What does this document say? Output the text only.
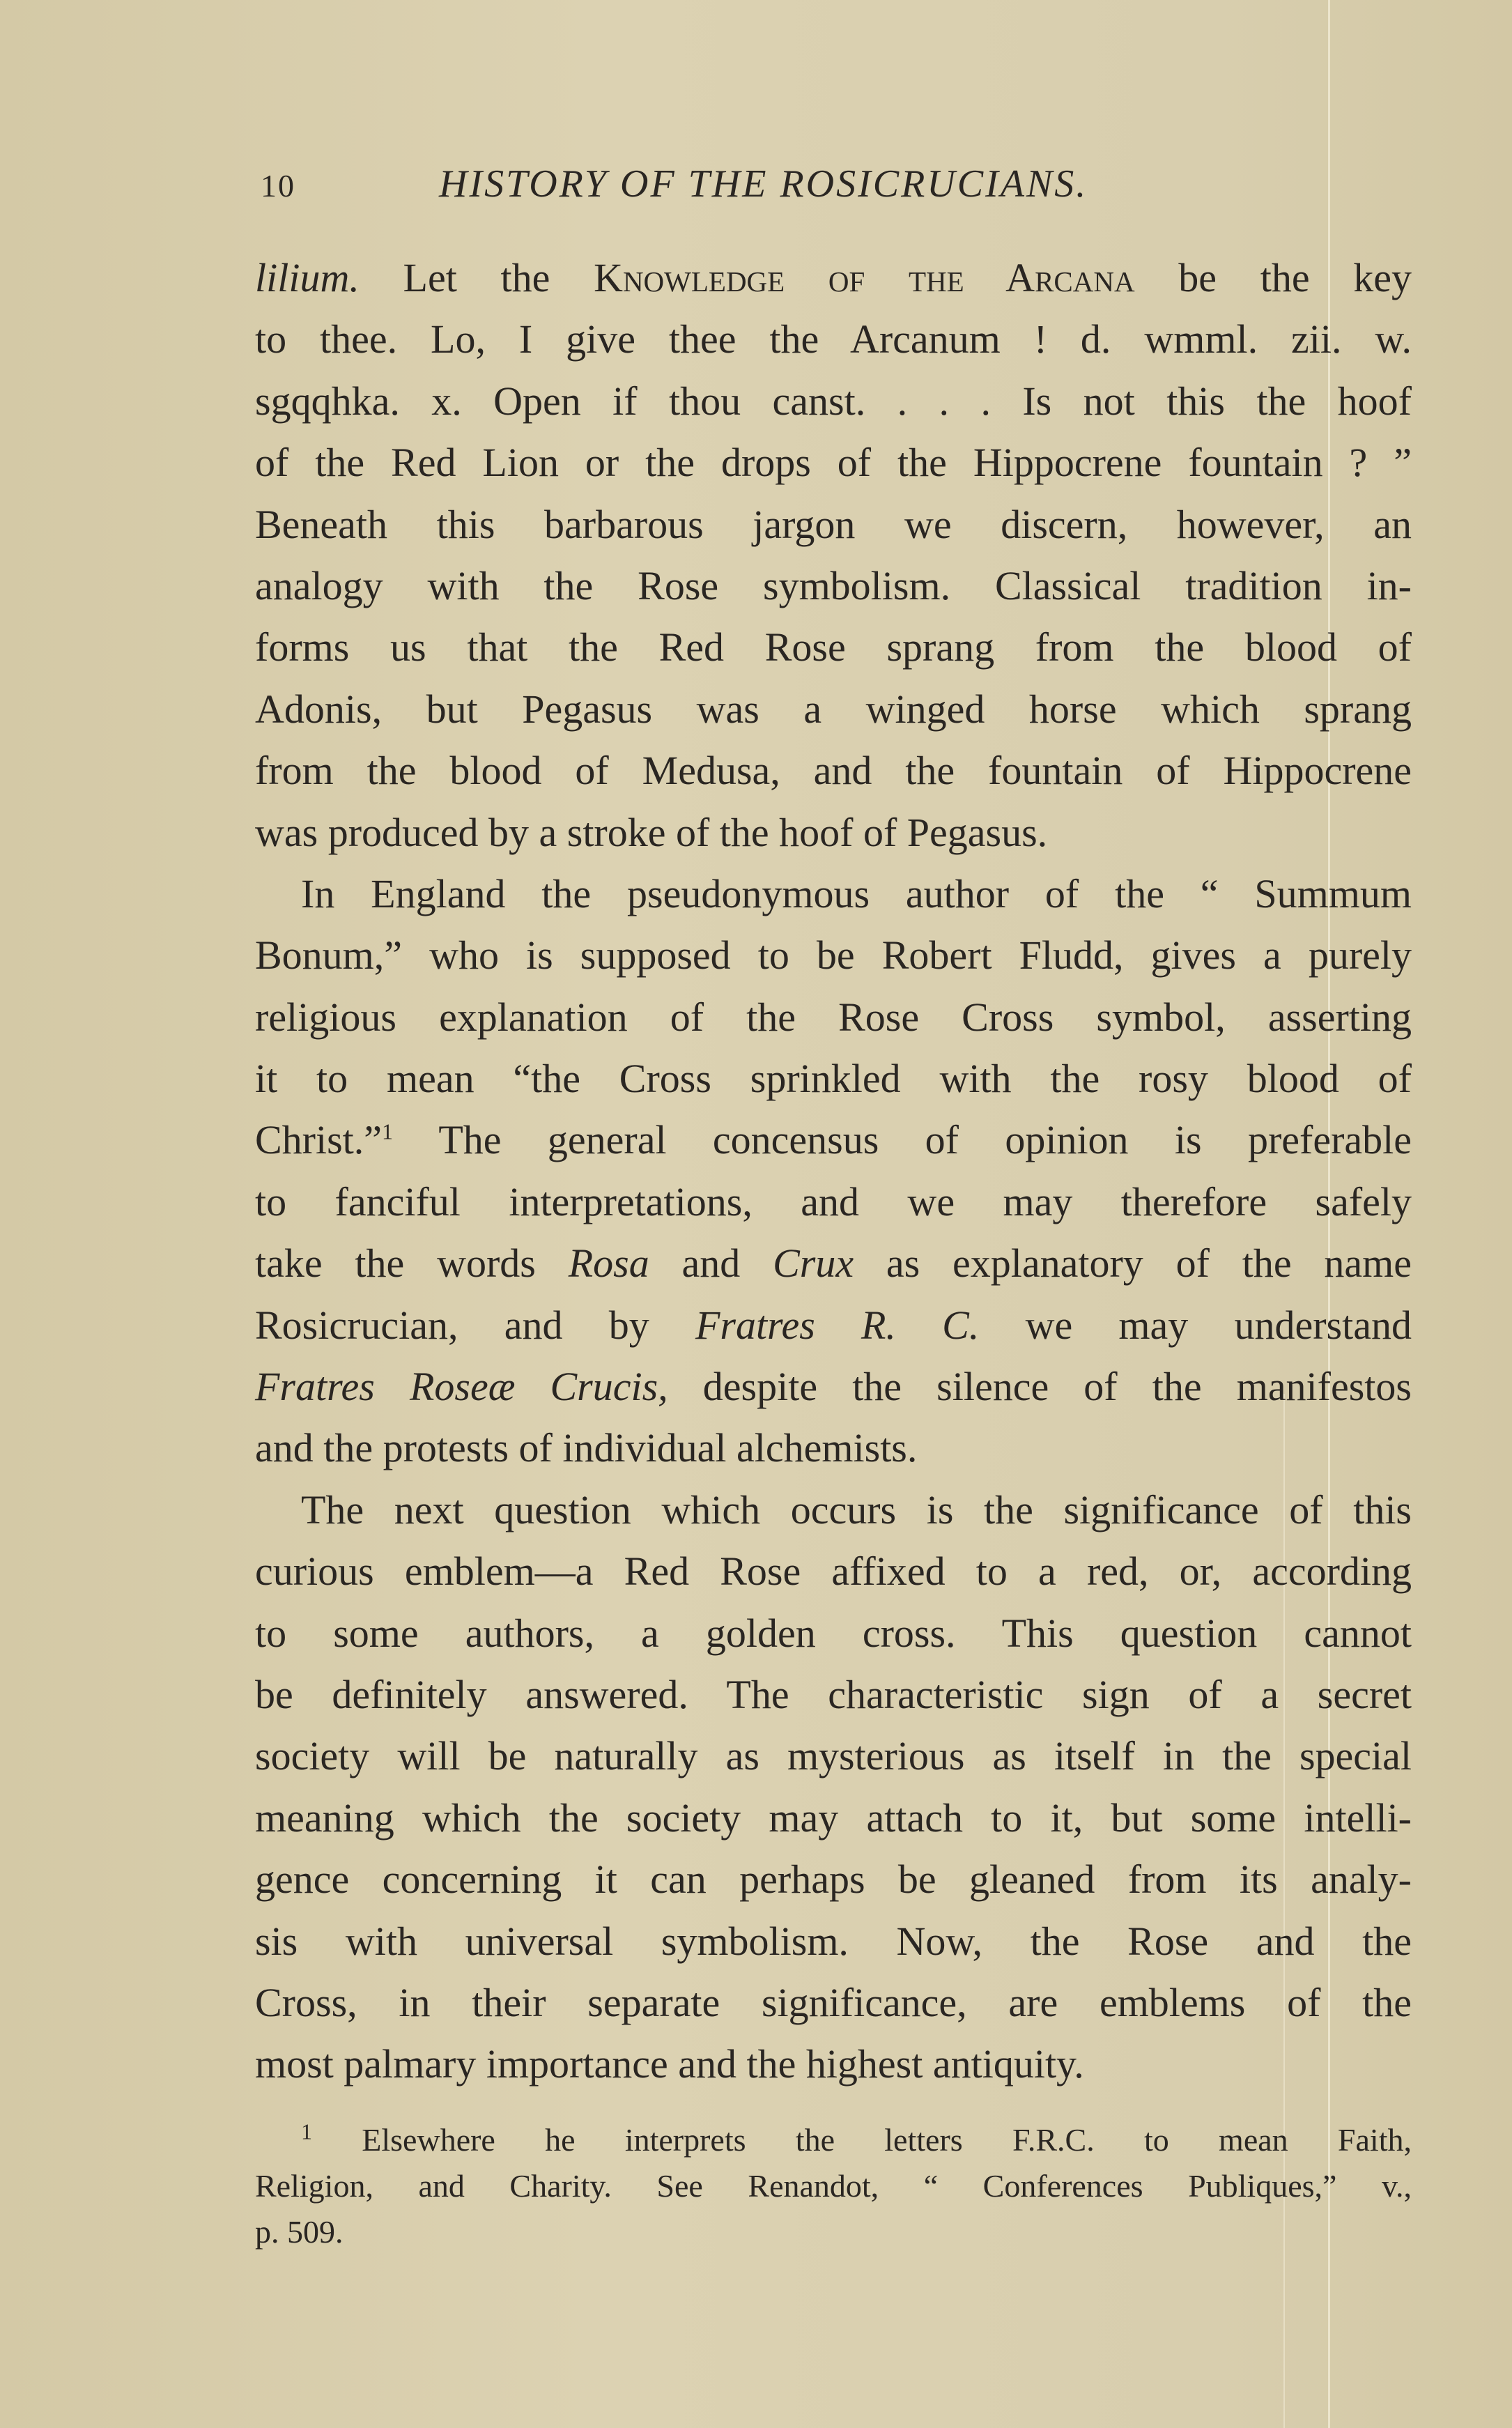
10	HISTORY OF THE ROSICRUCIANS.
lilium. Let the Knowledge of the Arcana be the key
to thee. Lo, I give thee the Arcanum ! d. wmml. zii. w.
sgqqhka. x. Open if thou canst. . . . Is not this the hoof
of the Red Lion or the drops of the Hippocrene fountain ? ”
Beneath this barbarous jargon we discern, however, an
analogy with the Rose symbolism. Classical tradition in-
forms us that the Red Rose sprang from the blood of
Adonis, but Pegasus was a winged horse which sprang
from the blood of Medusa, and the fountain of Hippocrene
was produced by a stroke of the hoof of Pegasus.
In England the pseudonymous author of the “ Summum
Bonum,” who is supposed to be Robert Fludd, gives a purely
religious explanation of the Rose Cross symbol, asserting
it to mean “the Cross sprinkled with the rosy blood of
Christ.”$^1$ The general concensus of opinion is preferable
to fanciful interpretations, and we may therefore safely
take the words Rosa and Crux as explanatory of the name
Rosicrucian, and by Fratres R. C. we may understand
Fratres Roseæ Crucis, despite the silence of the manifestos
and the protests of individual alchemists.
The next question which occurs is the significance of this
curious emblem—a Red Rose affixed to a red, or, according
to some authors, a golden cross. This question cannot
be definitely answered. The characteristic sign of a secret
society will be naturally as mysterious as itself in the special
meaning which the society may attach to it, but some intelli-
gence concerning it can perhaps be gleaned from its analy-
sis with universal symbolism. Now, the Rose and the
Cross, in their separate significance, are emblems of the
most palmary importance and the highest antiquity.
$^1$ Elsewhere he interprets the letters F.R.C. to mean Faith,
Religion, and Charity. See Renandot, “ Conferences Publiques,” v.,
p. 509.
